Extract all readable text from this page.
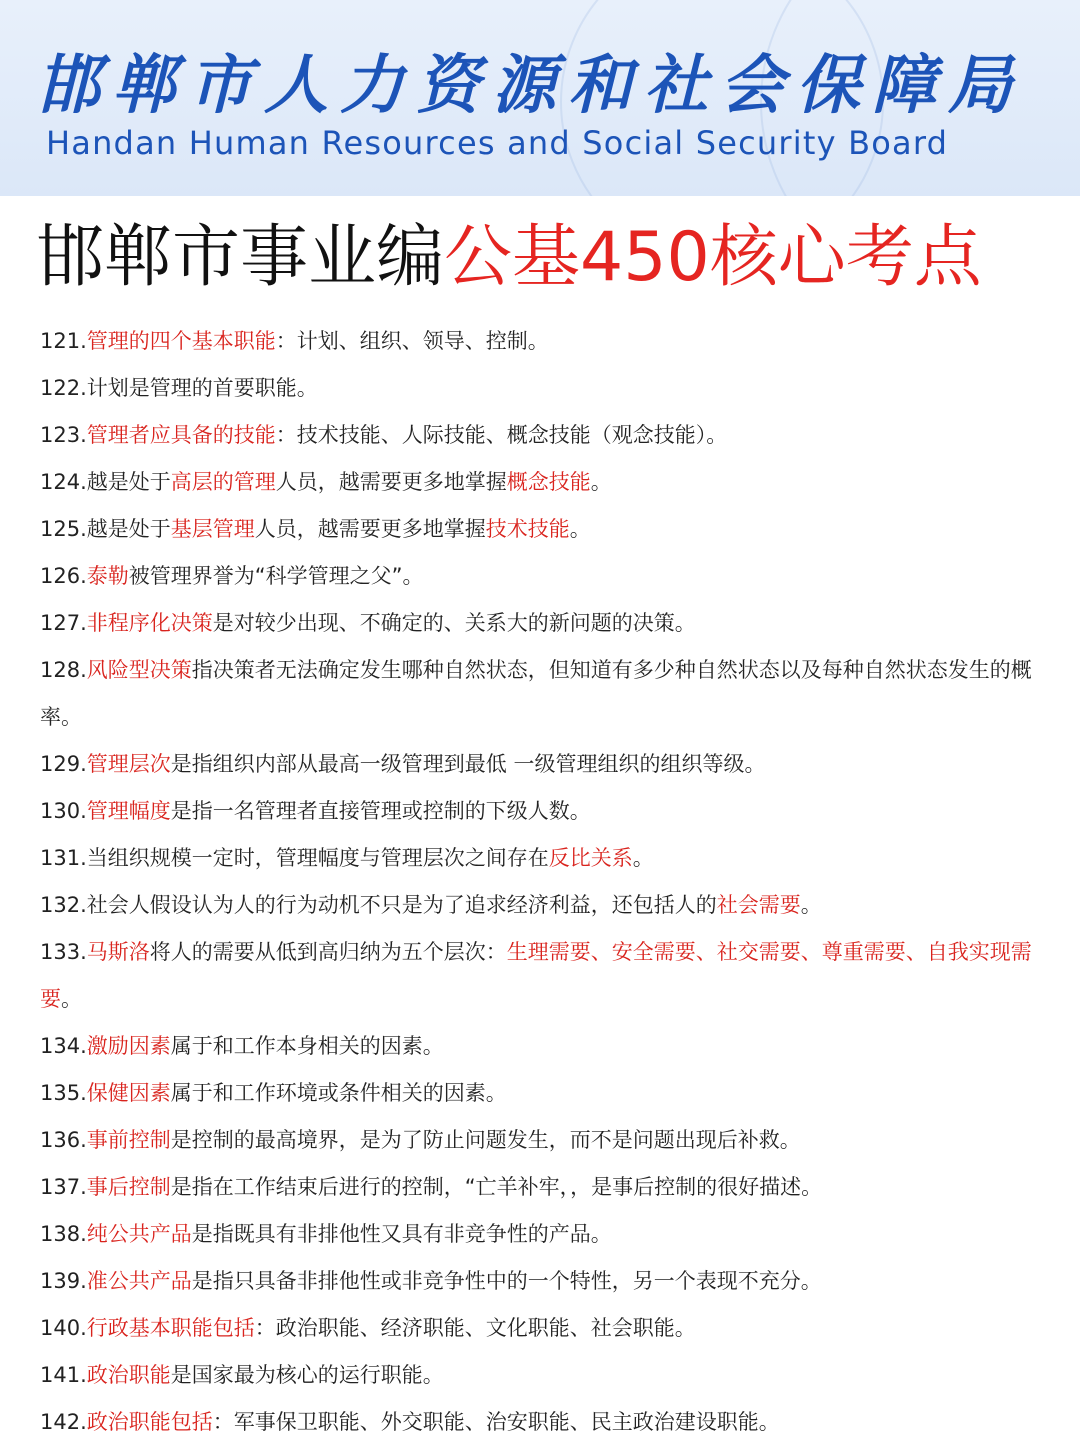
邯郸市人力资源和社会保障局
Handan Human Resources and Social Security Board
邯郸市事业编公基450核心考点

121.管理的四个基本职能：计划、组织、领导、控制。

122.计划是管理的首要职能。

123.管理者应具备的技能：技术技能、人际技能、概念技能（观念技能）。

124.越是处于高层的管理人员，越需要更多地掌握概念技能。

125.越是处于基层管理人员，越需要更多地掌握技术技能。

126.泰勒被管理界誉为“科学管理之父”。

127.非程序化决策是对较少出现、不确定的、关系大的新问题的决策。

128.风险型决策指决策者无法确定发生哪种自然状态，但知道有多少种自然状态以及每种自然状态发生的概率。

129.管理层次是指组织内部从最高一级管理到最低 一级管理组织的组织等级。

130.管理幅度是指一名管理者直接管理或控制的下级人数。

131.当组织规模一定时，管理幅度与管理层次之间存在反比关系。

132.社会人假设认为人的行为动机不只是为了追求经济利益，还包括人的社会需要。

133.马斯洛将人的需要从低到高归纳为五个层次：生理需要、安全需要、社交需要、尊重需要、自我实现需要。

134.激励因素属于和工作本身相关的因素。

135.保健因素属于和工作环境或条件相关的因素。

136.事前控制是控制的最高境界，是为了防止问题发生，而不是问题出现后补救。

137.事后控制是指在工作结束后进行的控制，“亡羊补牢，，是事后控制的很好描述。

138.纯公共产品是指既具有非排他性又具有非竞争性的产品。

139.准公共产品是指只具备非排他性或非竞争性中的一个特性，另一个表现不充分。

140.行政基本职能包括：政治职能、经济职能、文化职能、社会职能。

141.政治职能是国家最为核心的运行职能。

142.政治职能包括：军事保卫职能、外交职能、治安职能、民主政治建设职能。
